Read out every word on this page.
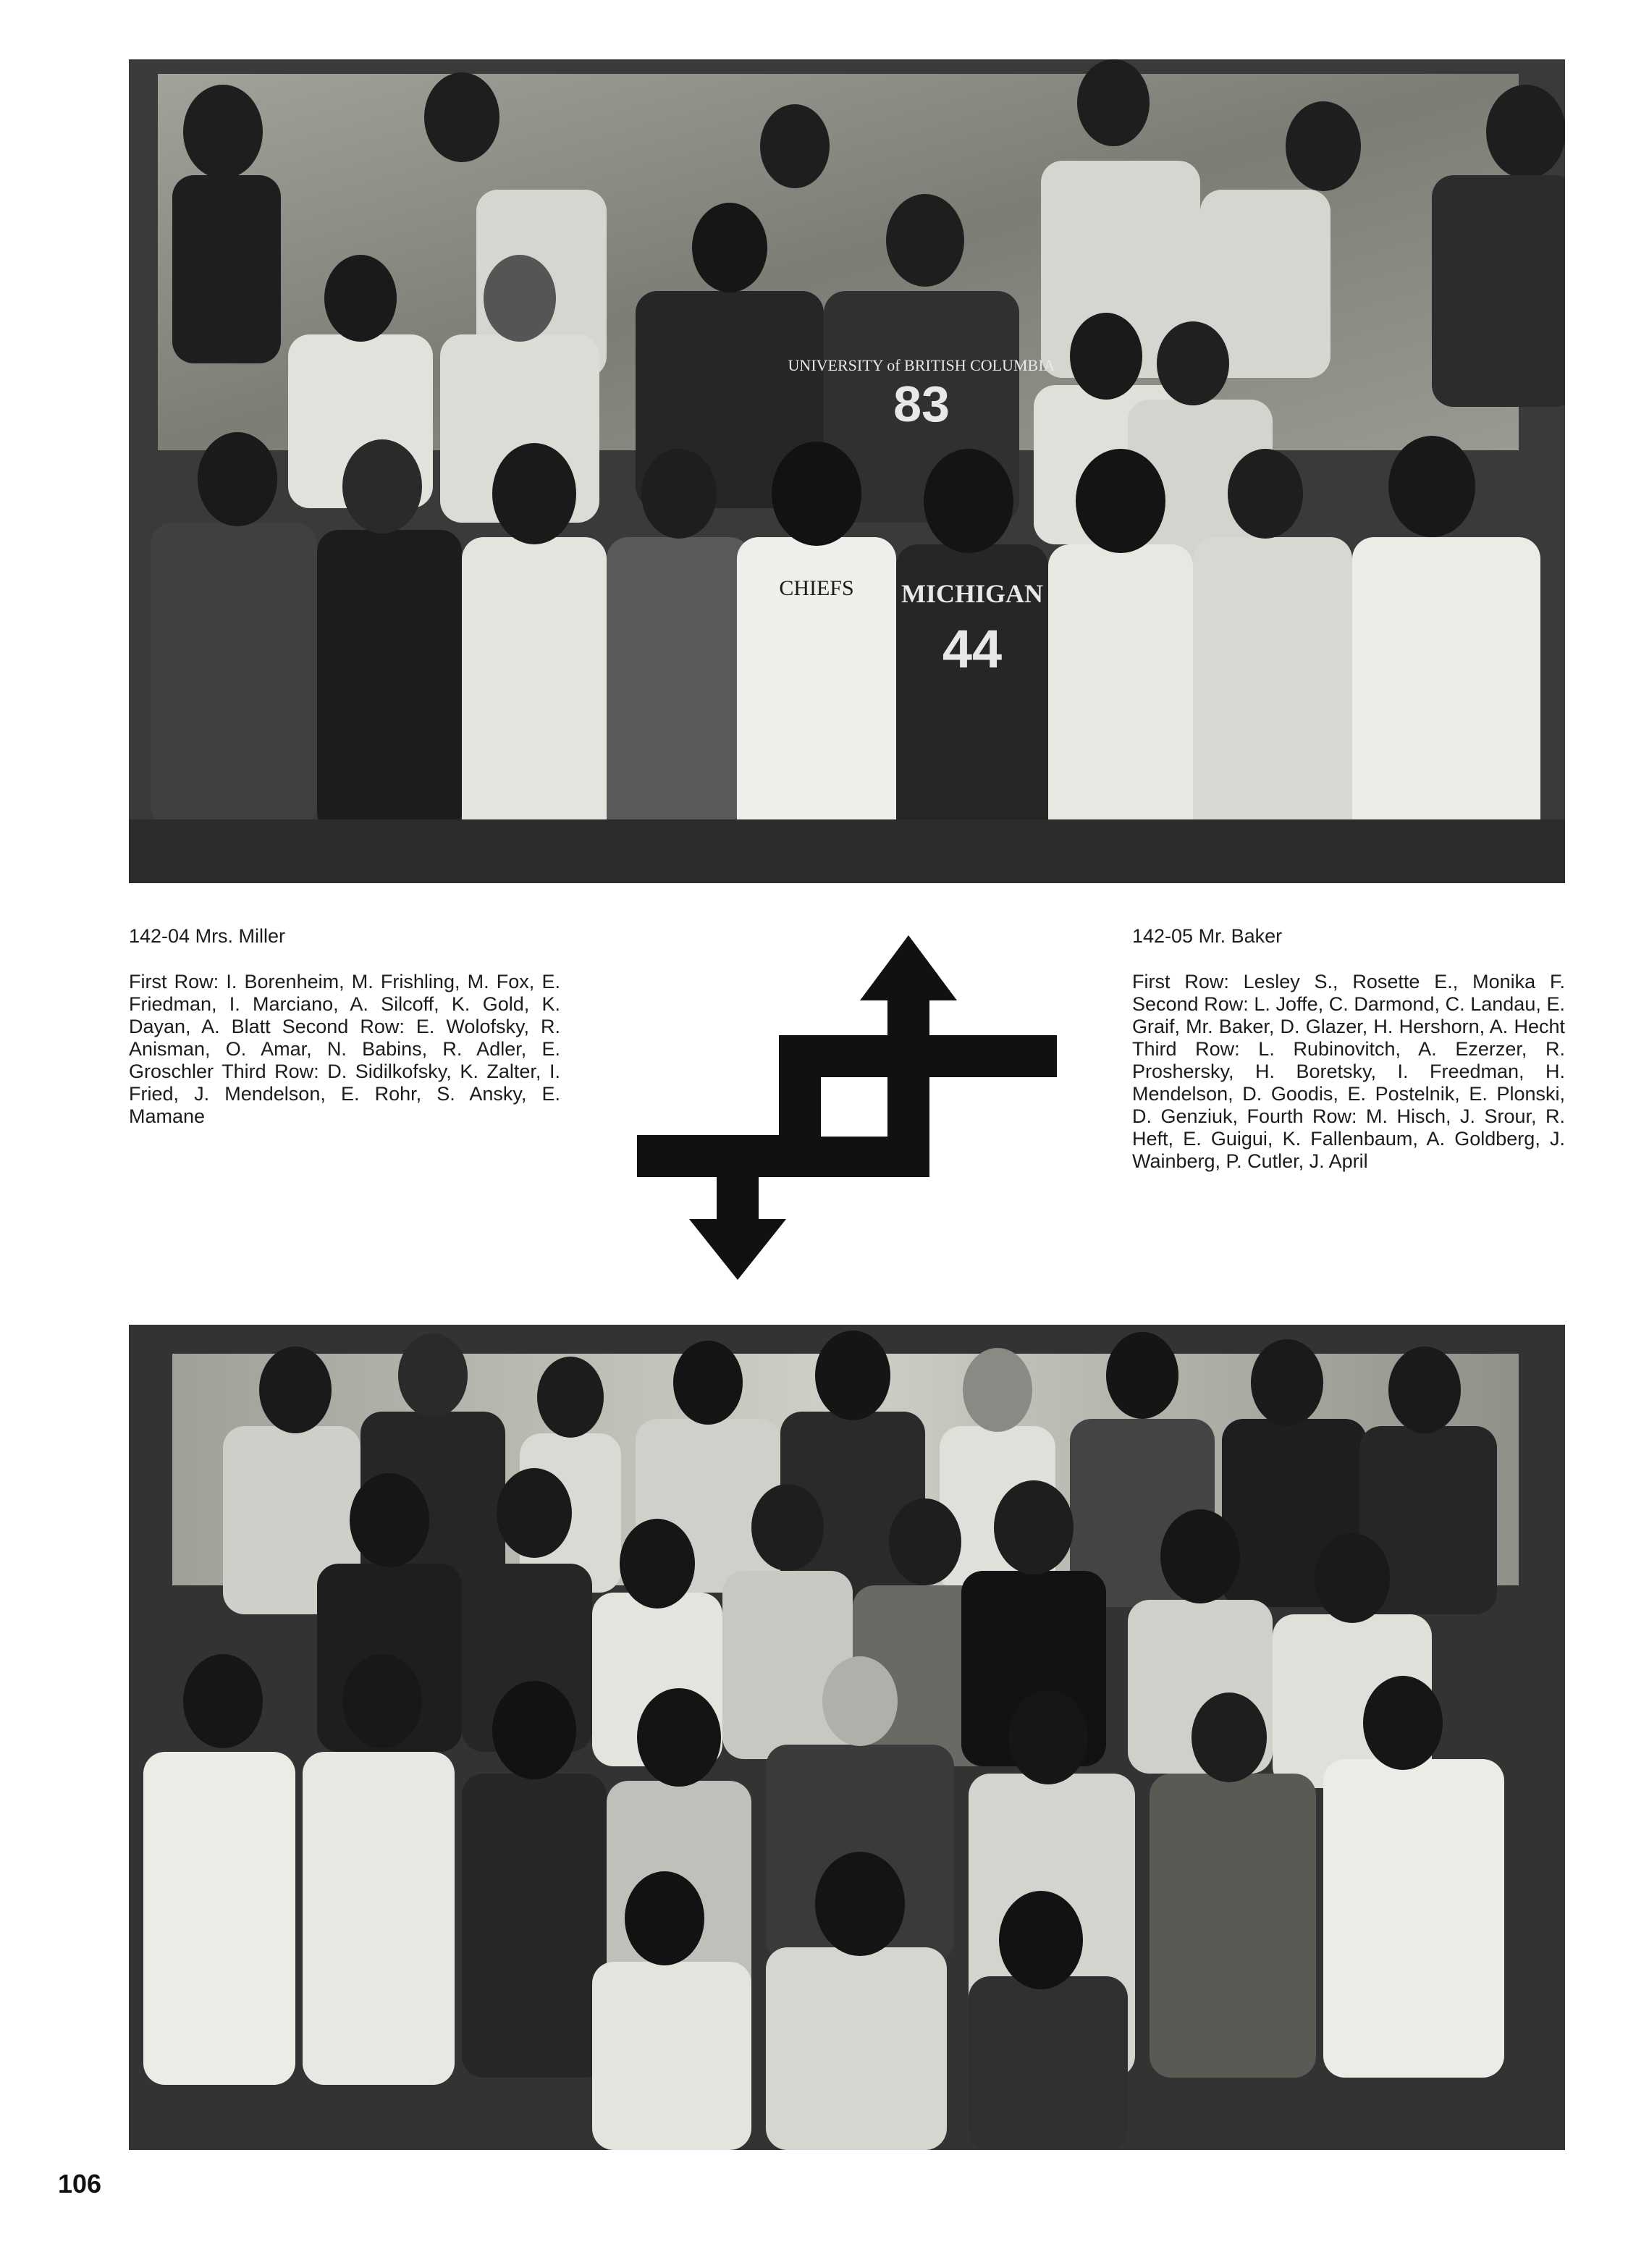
UNIVERSITY of BRITISH COLUMBIA
83
CHIEFS MICHIGAN
44
142-04 Mrs. Miller
First Row: I. Borenheim, M. Frishling, M. Fox, E. Friedman, I. Marciano, A. Silcoff, K. Gold, K. Dayan, A. Blatt Second Row: E. Wolofsky, R. Anisman, O. Amar, N. Babins, R. Adler, E. Groschler Third Row: D. Sidilkofsky, K. Zalter, I. Fried, J. Mendelson, E. Rohr, S. Ansky, E. Mamane
142-05 Mr. Baker
First Row: Lesley S., Rosette E., Monika F. Second Row: L. Joffe, C. Darmond, C. Landau, E. Graif, Mr. Baker, D. Glazer, H. Hershorn, A. Hecht Third Row: L. Rubinovitch, A. Ezerzer, R. Proshersky, H. Boretsky, I. Freedman, H. Mendelson, D. Goodis, E. Postelnik, E. Plonski, D. Genziuk, Fourth Row: M. Hisch, J. Srour, R. Heft, E. Guigui, K. Fallenbaum, A. Goldberg, J. Wainberg, P. Cutler, J. April
106
